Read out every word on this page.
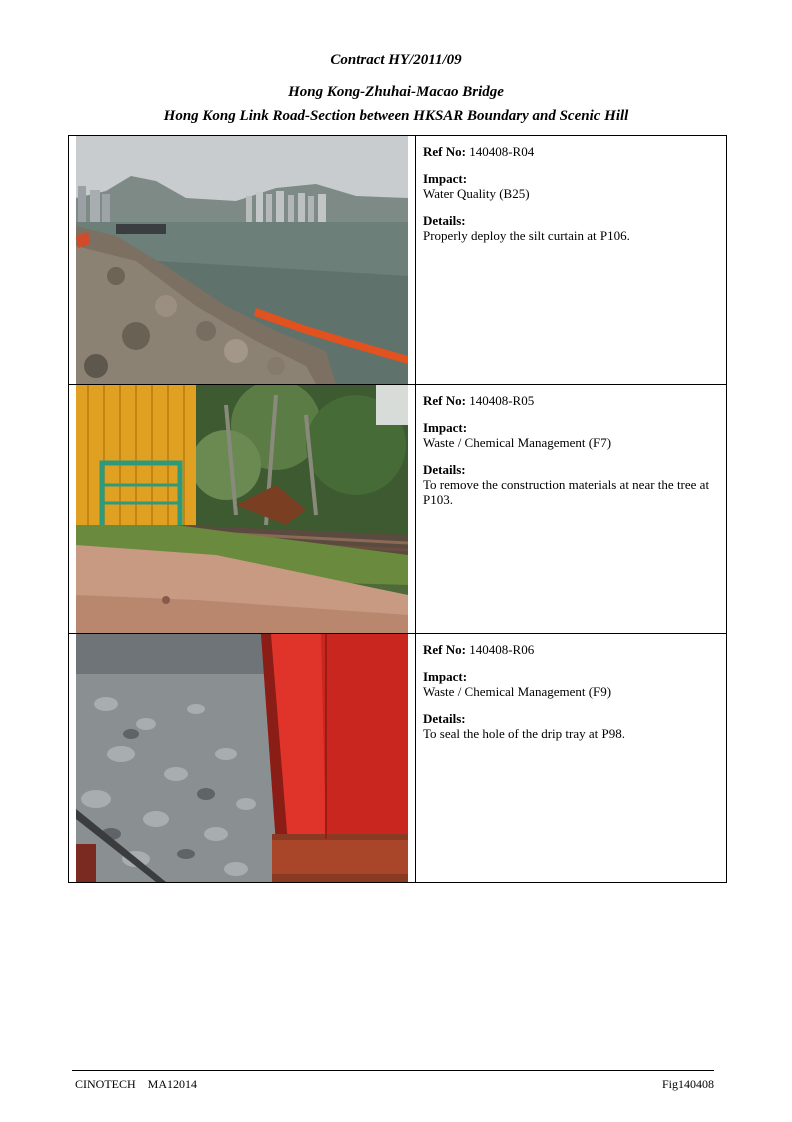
Contract HY/2011/09
Hong Kong-Zhuhai-Macao Bridge
Hong Kong Link Road-Section between HKSAR Boundary and Scenic Hill

Ref No: 140408-R04
Impact:
Water Quality (B25)
Details:
Properly deploy the silt curtain at P106.

Ref No: 140408-R05
Impact:
Waste / Chemical Management (F7)
Details:
To remove the construction materials at near the tree at P103.

Ref No: 140408-R06
Impact:
Waste / Chemical Management (F9)
Details:
To seal the hole of the drip tray at P98.
CINOTECH    MA12014	Fig140408
